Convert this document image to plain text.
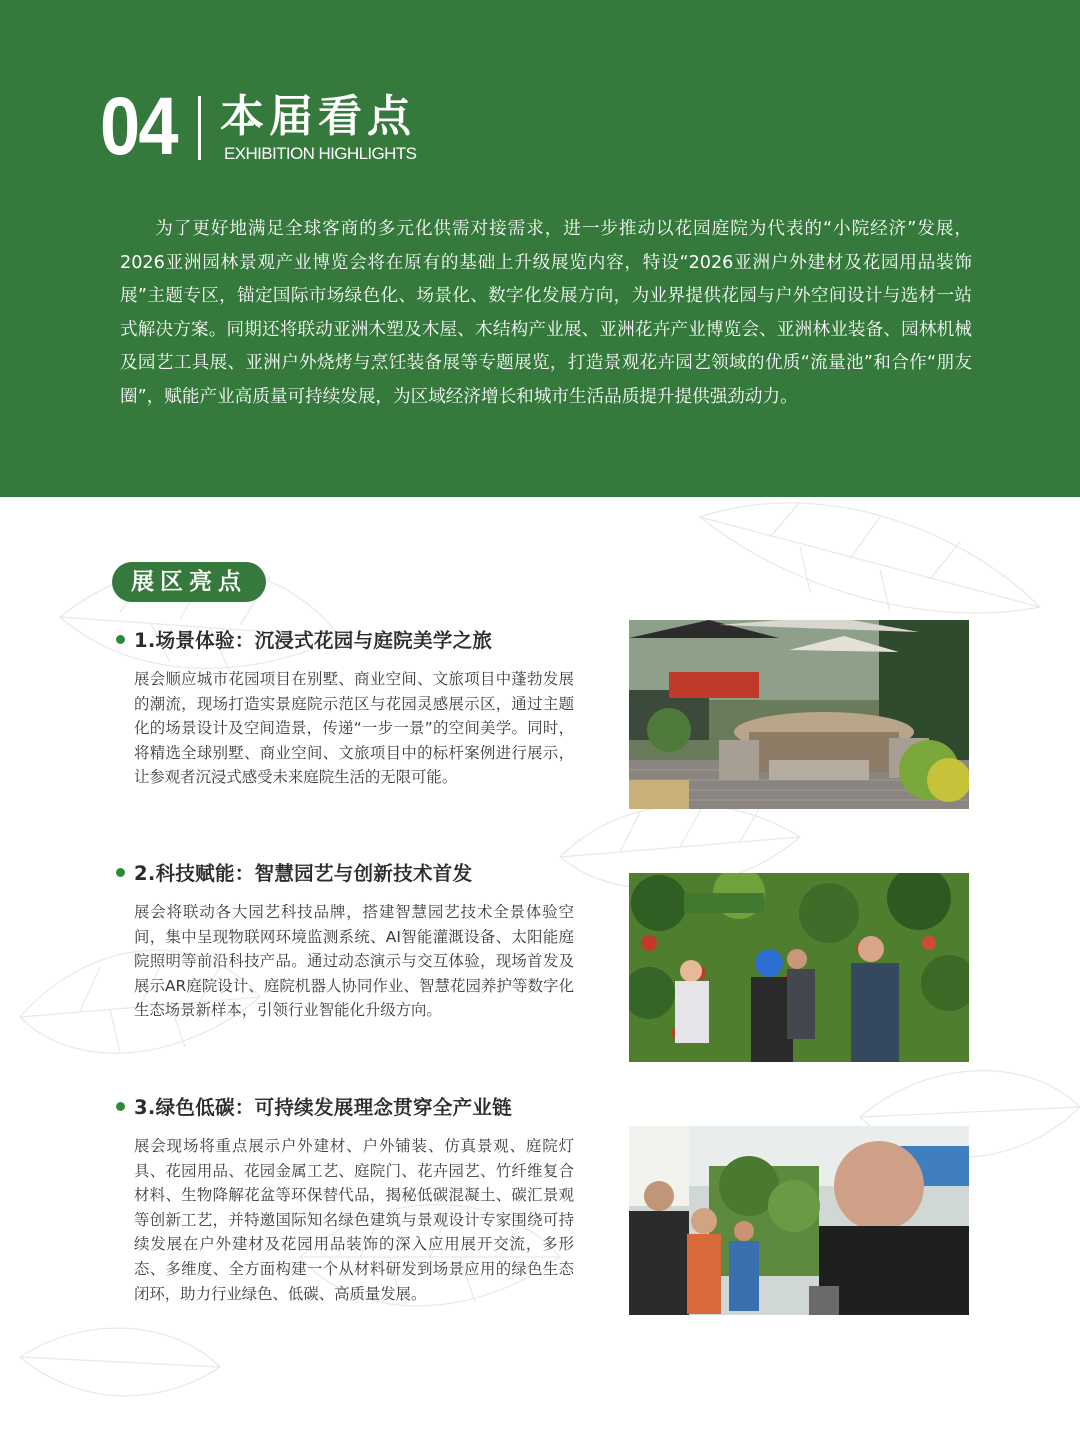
04 本届看点
EXHIBITION HIGHLIGHTS

为了更好地满足全球客商的多元化供需对接需求，进一步推动以花园庭院为代表的“小院经济”发展，2026亚洲园林景观产业博览会将在原有的基础上升级展览内容，特设“2026亚洲户外建材及花园用品装饰展”主题专区，锚定国际市场绿色化、场景化、数字化发展方向，为业界提供花园与户外空间设计与选材一站式解决方案。同期还将联动亚洲木塑及木屋、木结构产业展、亚洲花卉产业博览会、亚洲林业装备、园林机械及园艺工具展、亚洲户外烧烤与烹饪装备展等专题展览，打造景观花卉园艺领域的优质“流量池”和合作“朋友圈”，赋能产业高质量可持续发展，为区域经济增长和城市生活品质提升提供强劲动力。

展区亮点
1.场景体验：沉浸式花园与庭院美学之旅

展会顺应城市花园项目在别墅、商业空间、文旅项目中蓬勃发展的潮流，现场打造实景庭院示范区与花园灵感展示区，通过主题化的场景设计及空间造景，传递“一步一景”的空间美学。同时，将精选全球别墅、商业空间、文旅项目中的标杆案例进行展示，让参观者沉浸式感受未来庭院生活的无限可能。

2.科技赋能：智慧园艺与创新技术首发

展会将联动各大园艺科技品牌，搭建智慧园艺技术全景体验空间，集中呈现物联网环境监测系统、AI智能灌溉设备、太阳能庭院照明等前沿科技产品。通过动态演示与交互体验，现场首发及展示AR庭院设计、庭院机器人协同作业、智慧花园养护等数字化生态场景新样本，引领行业智能化升级方向。

3.绿色低碳：可持续发展理念贯穿全产业链

展会现场将重点展示户外建材、户外铺装、仿真景观、庭院灯具、花园用品、花园金属工艺、庭院门、花卉园艺、竹纤维复合材料、生物降解花盆等环保替代品，揭秘低碳混凝土、碳汇景观等创新工艺，并特邀国际知名绿色建筑与景观设计专家围绕可持续发展在户外建材及花园用品装饰的深入应用展开交流，多形态、多维度、全方面构建一个从材料研发到场景应用的绿色生态闭环，助力行业绿色、低碳、高质量发展。
